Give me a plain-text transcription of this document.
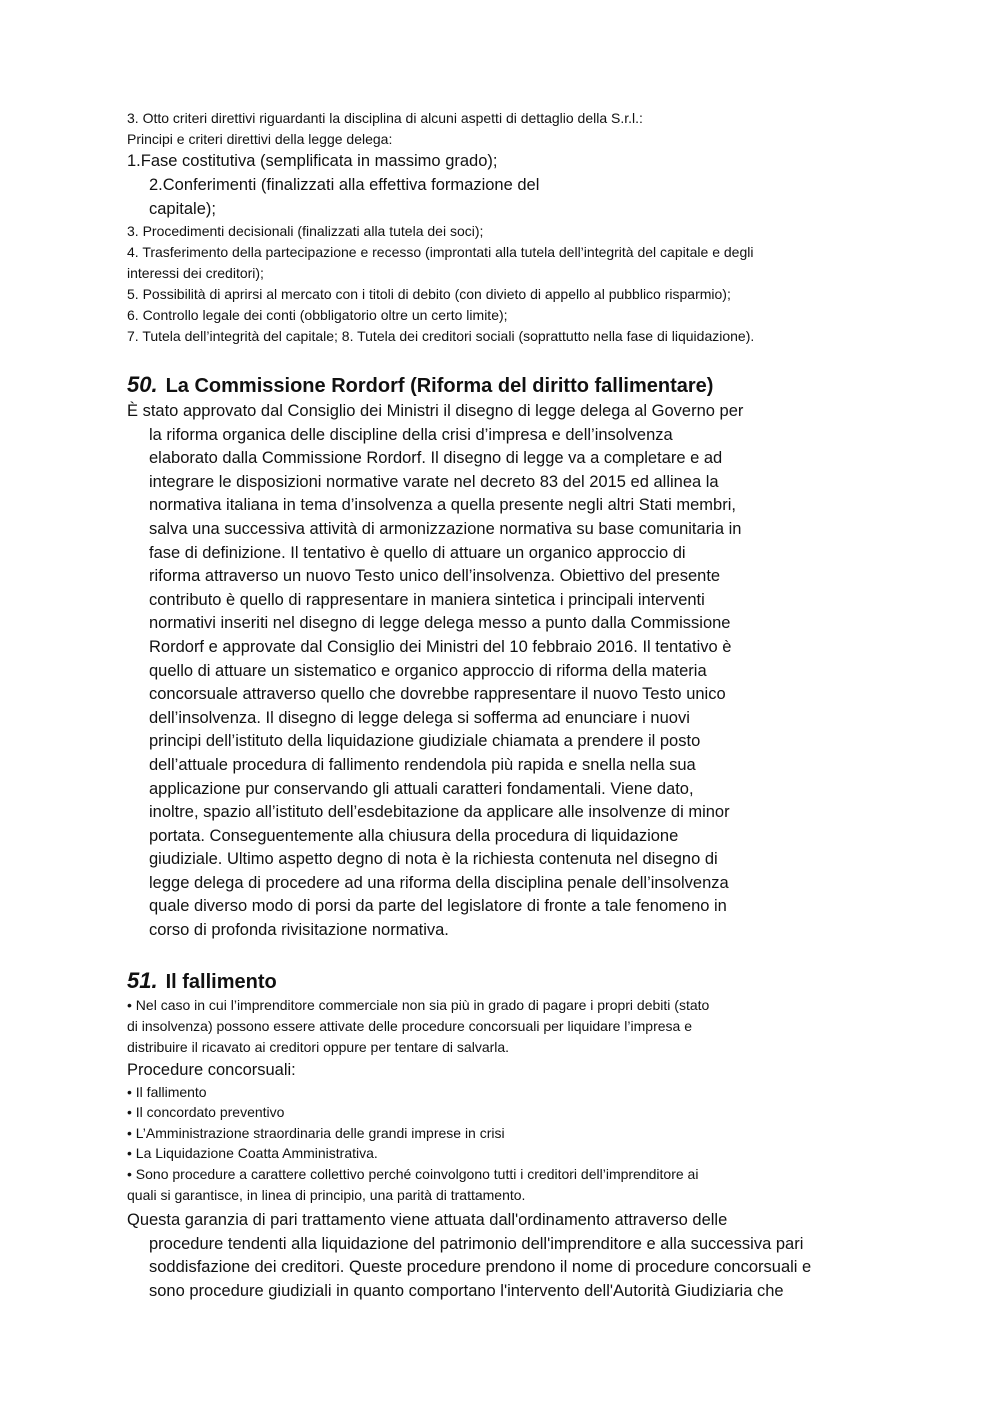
3. Otto criteri direttivi riguardanti la disciplina di alcuni aspetti di dettaglio della S.r.l.:

Principi e criteri direttivi della legge delega:

1.Fase costitutiva (semplificata in massimo grado);

2.Conferimenti (finalizzati alla effettiva formazione del

capitale);

3. Procedimenti decisionali (finalizzati alla tutela dei soci);

4. Trasferimento della partecipazione e recesso (improntati alla tutela dell’integrità del capitale e degli

interessi dei creditori);

5. Possibilità di aprirsi al mercato con i titoli di debito (con divieto di appello al pubblico risparmio);

6. Controllo legale dei conti (obbligatorio oltre un certo limite);

7. Tutela dell’integrità del capitale; 8. Tutela dei creditori sociali (soprattutto nella fase di liquidazione).

50. La Commissione Rordorf (Riforma del diritto fallimentare)
È stato approvato dal Consiglio dei Ministri il disegno di legge delega al Governo per
la riforma organica delle discipline della crisi d’impresa e dell’insolvenza
elaborato dalla Commissione Rordorf. Il disegno di legge va a completare e ad
integrare le disposizioni normative varate nel decreto 83 del 2015 ed allinea la
normativa italiana in tema d’insolvenza a quella presente negli altri Stati membri,
salva una successiva attività di armonizzazione normativa su base comunitaria in
fase di definizione. Il tentativo è quello di attuare un organico approccio di
riforma attraverso un nuovo Testo unico dell’insolvenza. Obiettivo del presente
contributo è quello di rappresentare in maniera sintetica i principali interventi
normativi inseriti nel disegno di legge delega messo a punto dalla Commissione
Rordorf e approvate dal Consiglio dei Ministri del 10 febbraio 2016. Il tentativo è
quello di attuare un sistematico e organico approccio di riforma della materia
concorsuale attraverso quello che dovrebbe rappresentare il nuovo Testo unico
dell’insolvenza. Il disegno di legge delega si sofferma ad enunciare i nuovi
principi dell’istituto della liquidazione giudiziale chiamata a prendere il posto
dell’attuale procedura di fallimento rendendola più rapida e snella nella sua
applicazione pur conservando gli attuali caratteri fondamentali. Viene dato,
inoltre, spazio all’istituto dell’esdebitazione da applicare alle insolvenze di minor
portata. Conseguentemente alla chiusura della procedura di liquidazione
giudiziale. Ultimo aspetto degno di nota è la richiesta contenuta nel disegno di
legge delega di procedere ad una riforma della disciplina penale dell’insolvenza
quale diverso modo di porsi da parte del legislatore di fronte a tale fenomeno in
corso di profonda rivisitazione normativa.
51. Il fallimento

• Nel caso in cui l’imprenditore commerciale non sia più in grado di pagare i propri debiti (stato

di insolvenza) possono essere attivate delle procedure concorsuali per liquidare l’impresa e

distribuire il ricavato ai creditori oppure per tentare di salvarla.

Procedure concorsuali:

• Il fallimento

• Il concordato preventivo

• L’Amministrazione straordinaria delle grandi imprese in crisi

• La Liquidazione Coatta Amministrativa.

• Sono procedure a carattere collettivo perché coinvolgono tutti i creditori dell’imprenditore ai

quali si garantisce, in linea di principio, una parità di trattamento.

Questa garanzia di pari trattamento viene attuata dall'ordinamento attraverso delle
procedure tendenti alla liquidazione del patrimonio dell'imprenditore e alla successiva pari
soddisfazione dei creditori. Queste procedure prendono il nome di procedure concorsuali e
sono procedure giudiziali in quanto comportano l'intervento dell'Autorità Giudiziaria che
